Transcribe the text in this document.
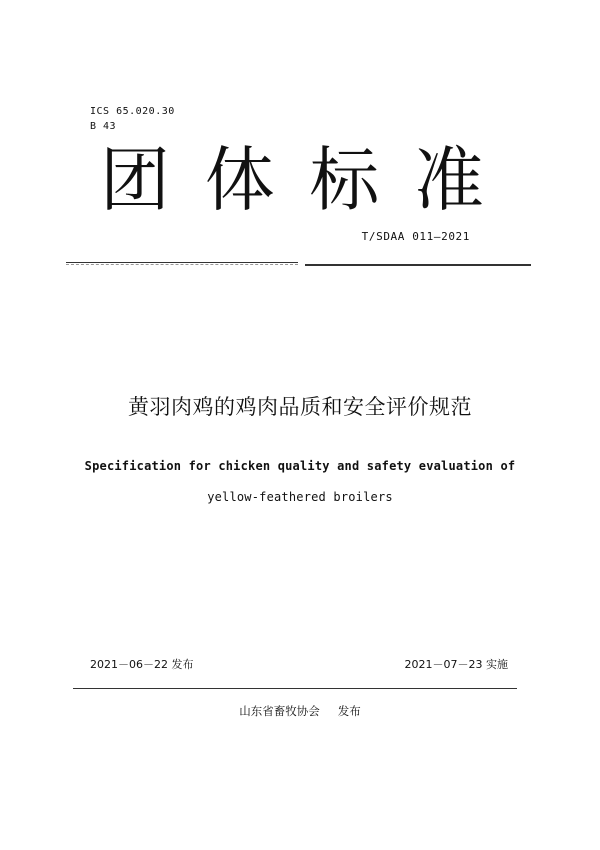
ICS 65.020.30
B 43
团 体 标 准
T/SDAA 011—2021
黄羽肉鸡的鸡肉品质和安全评价规范
Specification for chicken quality and safety evaluation of
yellow-feathered broilers
2021－06－22 发布	2021－07－23 实施
山东省畜牧协会 发布
